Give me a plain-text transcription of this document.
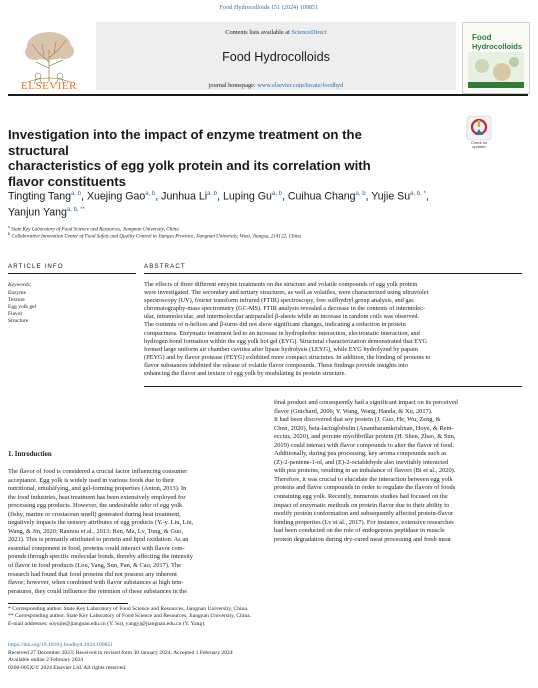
Food Hydrocolloids 151 (2024) 109851
Contents lists available at ScienceDirect
Food Hydrocolloids
journal homepage: www.elsevier.com/locate/foodhyd
ELSEVIER
Food
Hydrocolloids
Investigation into the impact of enzyme treatment on the structural
characteristics of egg yolk protein and its correlation with
flavor constituents
Check for
updates
Tingting Tang$^{a, b}$, Xuejing Gao$^{a, b}$, Junhua Li$^{a, b}$, Luping Gu$^{a, b}$, Cuihua Chang$^{a, b}$, Yujie $Su^{a, b, *}$,
Yanjun Yang$^{a, b, **}$
$^a$ State Key Laboratory of Food Science and Resources, Jiangnan University, China
$^b$ Collaborative Innovation Center of Food Safety and Quality Control in Jiangsu Province, Jiangnan University, Wuxi, Jiangsu, 214122, China
ARTICLE INFO	ABSTRACT
Keywords:
Enzyme
Texture
Egg yolk gel
Flavor
Structure
The effects of three different enzyme treatments on the structure and volatile compounds of egg yolk protein
were investigated. The secondary and tertiary structures, as well as volatiles, were characterized using ultraviolet
spectroscopy (UV), fourier transform infrared (FTIR) spectroscopy, free sulfhydryl group analysis, and gas
chromatography-mass spectrometry (GC-MS). FTIR analysis revealed a decrease in the contents of intermolec-
ular, intramolecular, and intermolecular antiparallel β-sheets while an increase in random coils was observed.
The contents of α-helices and β-turns did not show significant changes, indicating a reduction in protein
compactness. Enzymatic treatment led to an increase in hydrophobic interaction, electrostatic interaction, and
hydrogen bond formation within the egg yolk hot gel (EYG). Structural characterization demonstrated that EYG
formed large uniform air chamber cavities after lipase hydrolysis (LEYG), while EYG hydrolyzed by papain
(PEYG) and by flavor protease (FEYG) exhibited more compact structures. In addition, the binding of proteins to
flavor substances inhibited the release of volatile flavor compounds. These findings provide insights into
enhancing the flavor and texture of egg yolk by modulating its protein structure.
1. Introduction
The flavor of food is considered a crucial factor influencing consumer
acceptance. Egg yolk is widely used in various foods due to their
nutritional, emulsifying, and gel-forming properties (Anton, 2013). In
the food industries, heat treatment has been extensively employed for
processing egg products. However, the undesirable odor of egg yolk
(fishy, marine or crustacean smell) generated during heat treatment,
negatively impacts the sensory attributes of egg products (Y.-y. Liu, Liu,
Wang, & Jin, 2020; Rannou et al., 2013; Ren, Ma, Lv, Tong, & Guo,
2021). This is primarily attributed to protein and lipid oxidation. As an
essential component in food, proteins could interact with flavor com-
pounds through specific molecular bonds, thereby affecting the intensity
of flavor in food products (Lou, Yang, Sun, Pan, & Cao, 2017). The
research had found that food proteins did not possess any inherent
flavor; however, when combined with flavor substances at high tem-
peratures, they could influence the retention of these substances in the
final product and consequently had a significant impact on its perceived
flavor (Guichard, 2006; Y. Wang, Wang, Handa, & Xu, 2017).
It had been discovered that soy protein (J. Guo, He, Wu, Zeng, &
Chen, 2020), beta-lactoglobulin (Anantharamkrishnan, Hoye, & Rein-
eccius, 2020), and porcine myofibrillar protein (H. Shen, Zhao, & Sun,
2019) could interact with flavor compounds to alter the flavor of food.
Additionally, during pea processing, key aroma compounds such as
(Z)-2-pentene-1-ol, and (E)-2-octaldehyde also inevitably interacted
with pea proteins, resulting in an imbalance of flavors (Bi et al., 2020).
Therefore, it was crucial to elucidate the interaction between egg yolk
proteins and flavor compounds in order to regulate the flavors of foods
containing egg yolk. Recently, numerous studies had focused on the
impact of enzymatic methods on protein flavor due to their ability to
modify protein conformation and subsequently affected protein-flavor
binding properties (Lv et al., 2017). For instance, extensive researches
had been conducted on the role of endogenous peptidase in muscle
protein degradation during dry-cured meat processing and fresh meat
* Corresponding author. State Key Laboratory of Food Science and Resources, Jiangnan University, China.
** Corresponding author. State Key Laboratory of Food Science and Resources, Jiangnan University, China.
E-mail addresses: suyujie@jiangnan.edu.cn (Y. Su), yangyj@jiangnan.edu.cn (Y. Yang).
https://doi.org/10.1016/j.foodhyd.2024.109851
Received 27 December 2023; Received in revised form 30 January 2024; Accepted 1 February 2024
Available online 2 February 2024
0268-005X/© 2024 Elsevier Ltd. All rights reserved.
